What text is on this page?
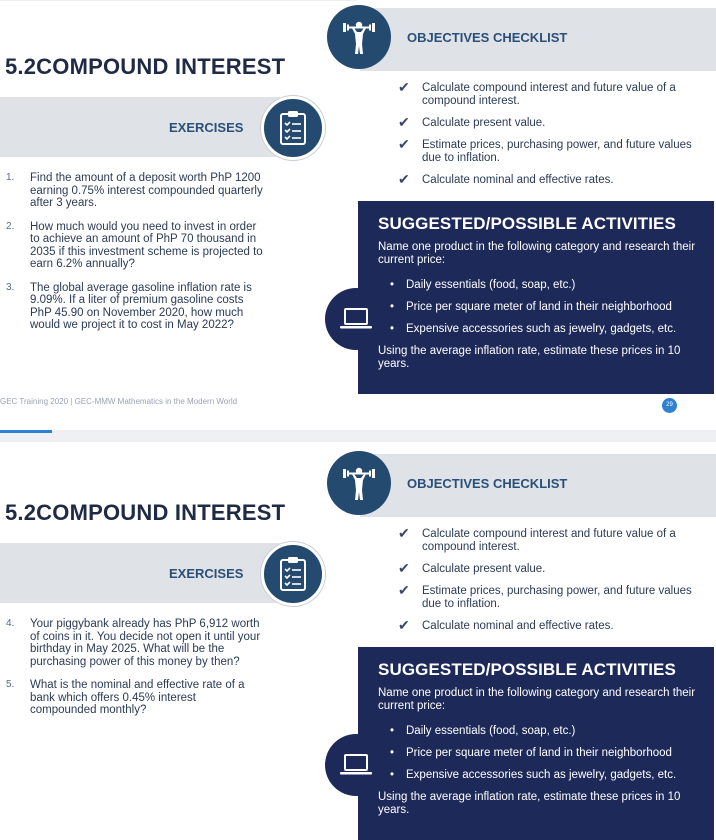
OBJECTIVES CHECKLIST
5.2COMPOUND INTEREST
✔ Calculate compound interest and future value of a compound interest.
✔ Calculate present value.
✔ Estimate prices, purchasing power, and future values due to inflation.
✔ Calculate nominal and effective rates.
EXERCISES
1. Find the amount of a deposit worth PhP 1200 earning 0.75% interest compounded quarterly after 3 years.
2. How much would you need to invest in order to achieve an amount of PhP 70 thousand in 2035 if this investment scheme is projected to earn 6.2% annually?
3. The global average gasoline inflation rate is 9.09%. If a liter of premium gasoline costs PhP 45.90 on November 2020, how much would we project it to cost in May 2022?
SUGGESTED/POSSIBLE ACTIVITIES
Name one product in the following category and research their current price:
• Daily essentials (food, soap, etc.)
• Price per square meter of land in their neighborhood
• Expensive accessories such as jewelry, gadgets, etc.
Using the average inflation rate, estimate these prices in 10 years.
GEC Training 2020 | GEC-MMW Mathematics in the Modern World	29
OBJECTIVES CHECKLIST
5.2COMPOUND INTEREST
✔ Calculate compound interest and future value of a compound interest.
✔ Calculate present value.
✔ Estimate prices, purchasing power, and future values due to inflation.
✔ Calculate nominal and effective rates.
EXERCISES
4. Your piggybank already has PhP 6,912 worth of coins in it. You decide not open it until your birthday in May 2025. What will be the purchasing power of this money by then?
5. What is the nominal and effective rate of a bank which offers 0.45% interest compounded monthly?
SUGGESTED/POSSIBLE ACTIVITIES
Name one product in the following category and research their current price:
• Daily essentials (food, soap, etc.)
• Price per square meter of land in their neighborhood
• Expensive accessories such as jewelry, gadgets, etc.
Using the average inflation rate, estimate these prices in 10 years.
